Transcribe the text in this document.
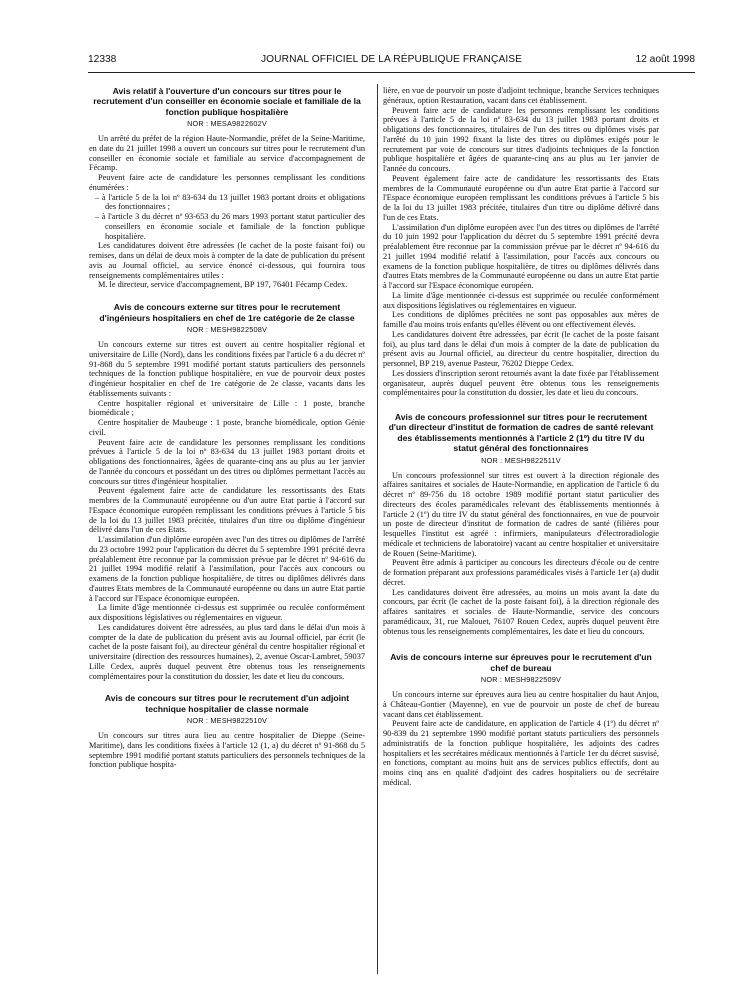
12338	JOURNAL OFFICIEL DE LA RÉPUBLIQUE FRANÇAISE	12 août 1998
Avis relatif à l'ouverture d'un concours sur titres pour le recrutement d'un conseiller en économie sociale et familiale de la fonction publique hospitalière
NOR : MESA9822602V

Un arrêté du préfet de la région Haute-Normandie, préfet de la Seine-Maritime, en date du 21 juillet 1998 a ouvert un concours sur titres pour le recrutement d'un conseiller en économie sociale et familiale au service d'accompagnement de Fécamp.

Peuvent faire acte de candidature les personnes remplissant les conditions énumérées :

– à l'article 5 de la loi nº 83-634 du 13 juillet 1983 portant droits et obligations des fonctionnaires ;

– à l'article 3 du décret nº 93-653 du 26 mars 1993 portant statut particulier des conseillers en économie sociale et familiale de la fonction publique hospitalière.

Les candidatures doivent être adressées (le cachet de la poste faisant foi) ou remises, dans un délai de deux mois à compter de la date de publication du présent avis au Journal officiel, au service énoncé ci-dessous, qui fournira tous renseignements complémentaires utiles :

M. le directeur, service d'accompagnement, BP 197, 76401 Fécamp Cedex.

Avis de concours externe sur titres pour le recrutement d'ingénieurs hospitaliers en chef de 1re catégorie de 2e classe
NOR : MESH9822508V

Un concours externe sur titres est ouvert au centre hospitalier régional et universitaire de Lille (Nord), dans les conditions fixées par l'article 6 a du décret nº 91-868 du 5 septembre 1991 modifié portant statuts particuliers des personnels techniques de la fonction publique hospitalière, en vue de pourvoir deux postes d'ingénieur hospitalier en chef de 1re catégorie de 2e classe, vacants dans les établissements suivants :

Centre hospitalier régional et universitaire de Lille : 1 poste, branche biomédicale ;

Centre hospitalier de Maubeuge : 1 poste, branche biomédicale, option Génie civil.

Peuvent faire acte de candidature les personnes remplissant les conditions prévues à l'article 5 de la loi nº 83-634 du 13 juillet 1983 portant droits et obligations des fonctionnaires, âgées de quarante-cinq ans au plus au 1er janvier de l'année du concours et possédant un des titres ou diplômes permettant l'accès au concours sur titres d'ingénieur hospitalier.

Peuvent également faire acte de candidature les ressortissants des Etats membres de la Communauté européenne ou d'un autre Etat partie à l'accord sur l'Espace économique européen remplissant les conditions prévues à l'article 5 bis de la loi du 13 juillet 1983 précitée, titulaires d'un titre ou diplôme d'ingénieur délivré dans l'un de ces Etats.

L'assimilation d'un diplôme européen avec l'un des titres ou diplômes de l'arrêté du 23 octobre 1992 pour l'application du décret du 5 septembre 1991 précité devra préalablement être reconnue par la commission prévue par le décret nº 94-616 du 21 juillet 1994 modifié relatif à l'assimilation, pour l'accès aux concours ou examens de la fonction publique hospitalière, de titres ou diplômes délivrés dans d'autres Etats membres de la Communauté européenne ou dans un autre Etat partie à l'accord sur l'Espace économique européen.

La limite d'âge mentionnée ci-dessus est supprimée ou reculée conformément aux dispositions législatives ou réglementaires en vigueur.

Les candidatures doivent être adressées, au plus tard dans le délai d'un mois à compter de la date de publication du présent avis au Journal officiel, par écrit (le cachet de la poste faisant foi), au directeur général du centre hospitalier régional et universitaire (direction des ressources humaines), 2, avenue Oscar-Lambret, 59037 Lille Cedex, auprès duquel peuvent être obtenus tous les renseignements complémentaires pour la constitution du dossier, les date et lieu du concours.

Avis de concours sur titres pour le recrutement d'un adjoint technique hospitalier de classe normale
NOR : MESH9822510V

Un concours sur titres aura lieu au centre hospitalier de Dieppe (Seine-Maritime), dans les conditions fixées à l'article 12 (1, a) du décret nº 91-868 du 5 septembre 1991 modifié portant statuts particuliers des personnels techniques de la fonction publique hospita-

lière, en vue de pourvoir un poste d'adjoint technique, branche Services techniques généraux, option Restauration, vacant dans cet établissement.

Peuvent faire acte de candidature les personnes remplissant les conditions prévues à l'article 5 de la loi nº 83-634 du 13 juillet 1983 portant droits et obligations des fonctionnaires, titulaires de l'un des titres ou diplômes visés par l'arrêté du 10 juin 1992 fixant la liste des titres ou diplômes exigés pour le recrutement par voie de concours sur titres d'adjoints techniques de la fonction publique hospitalière et âgées de quarante-cinq ans au plus au 1er janvier de l'année du concours.

Peuvent également faire acte de candidature les ressortissants des Etats membres de la Communauté européenne ou d'un autre Etat partie à l'accord sur l'Espace économique européen remplissant les conditions prévues à l'article 5 bis de la loi du 13 juillet 1983 précitée, titulaires d'un titre ou diplôme délivré dans l'un de ces Etats.

L'assimilation d'un diplôme européen avec l'un des titres ou diplômes de l'arrêté du 10 juin 1992 pour l'application du décret du 5 septembre 1991 précité devra préalablement être reconnue par la commission prévue par le décret nº 94-616 du 21 juillet 1994 modifié relatif à l'assimilation, pour l'accès aux concours ou examens de la fonction publique hospitalière, de titres ou diplômes délivrés dans d'autres Etats membres de la Communauté européenne ou dans un autre Etat partie à l'accord sur l'Espace économique européen.

La limite d'âge mentionnée ci-dessus est supprimée ou reculée conformément aux dispositions législatives ou réglementaires en vigueur.

Les conditions de diplômes précitées ne sont pas opposables aux mères de famille d'au moins trois enfants qu'elles élèvent ou ont effectivement élevés.

Les candidatures doivent être adressées, par écrit (le cachet de la poste faisant foi), au plus tard dans le délai d'un mois à compter de la date de publication du présent avis au Journal officiel, au directeur du centre hospitalier, direction du personnel, BP 219, avenue Pasteur, 76202 Dieppe Cedex.

Les dossiers d'inscription seront retournés avant la date fixée par l'établissement organisateur, auprès duquel peuvent être obtenus tous les renseignements complémentaires pour la constitution du dossier, les date et lieu du concours.

Avis de concours professionnel sur titres pour le recrutement d'un directeur d'institut de formation de cadres de santé relevant des établissements mentionnés à l'article 2 (1º) du titre IV du statut général des fonctionnaires
NOR : MESH9822511V

Un concours professionnel sur titres est ouvert à la direction régionale des affaires sanitaires et sociales de Haute-Normandie, en application de l'article 6 du décret nº 89-756 du 18 octobre 1989 modifié portant statut particulier des directeurs des écoles paramédicales relevant des établissements mentionnés à l'article 2 (1º) du titre IV du statut général des fonctionnaires, en vue de pourvoir un poste de directeur d'institut de formation de cadres de santé (filières pour lesquelles l'institut est agréé : infirmiers, manipulateurs d'électroradiologie médicale et techniciens de laboratoire) vacant au centre hospitalier et universitaire de Rouen (Seine-Maritime).

Peuvent être admis à participer au concours les directeurs d'école ou de centre de formation préparant aux professions paramédicales visés à l'article 1er (a) dudit décret.

Les candidatures doivent être adressées, au moins un mois avant la date du concours, par écrit (le cachet de la poste faisant foi), à la direction régionale des affaires sanitaires et sociales de Haute-Normandie, service des concours paramédicaux, 31, rue Malouet, 76107 Rouen Cedex, auprès duquel peuvent être obtenus tous les renseignements complémentaires, les date et lieu du concours.

Avis de concours interne sur épreuves pour le recrutement d'un chef de bureau
NOR : MESH9822509V

Un concours interne sur épreuves aura lieu au centre hospitalier du haut Anjou, à Château-Gontier (Mayenne), en vue de pourvoir un poste de chef de bureau vacant dans cet établissement.

Peuvent faire acte de candidature, en application de l'article 4 (1º) du décret nº 90-839 du 21 septembre 1990 modifié portant statuts particuliers des personnels administratifs de la fonction publique hospitalière, les adjoints des cadres hospitaliers et les secrétaires médicaux mentionnés à l'article 1er du décret susvisé, en fonctions, comptant au moins huit ans de services publics effectifs, dont au moins cinq ans en qualité d'adjoint des cadres hospitaliers ou de secrétaire médical.
